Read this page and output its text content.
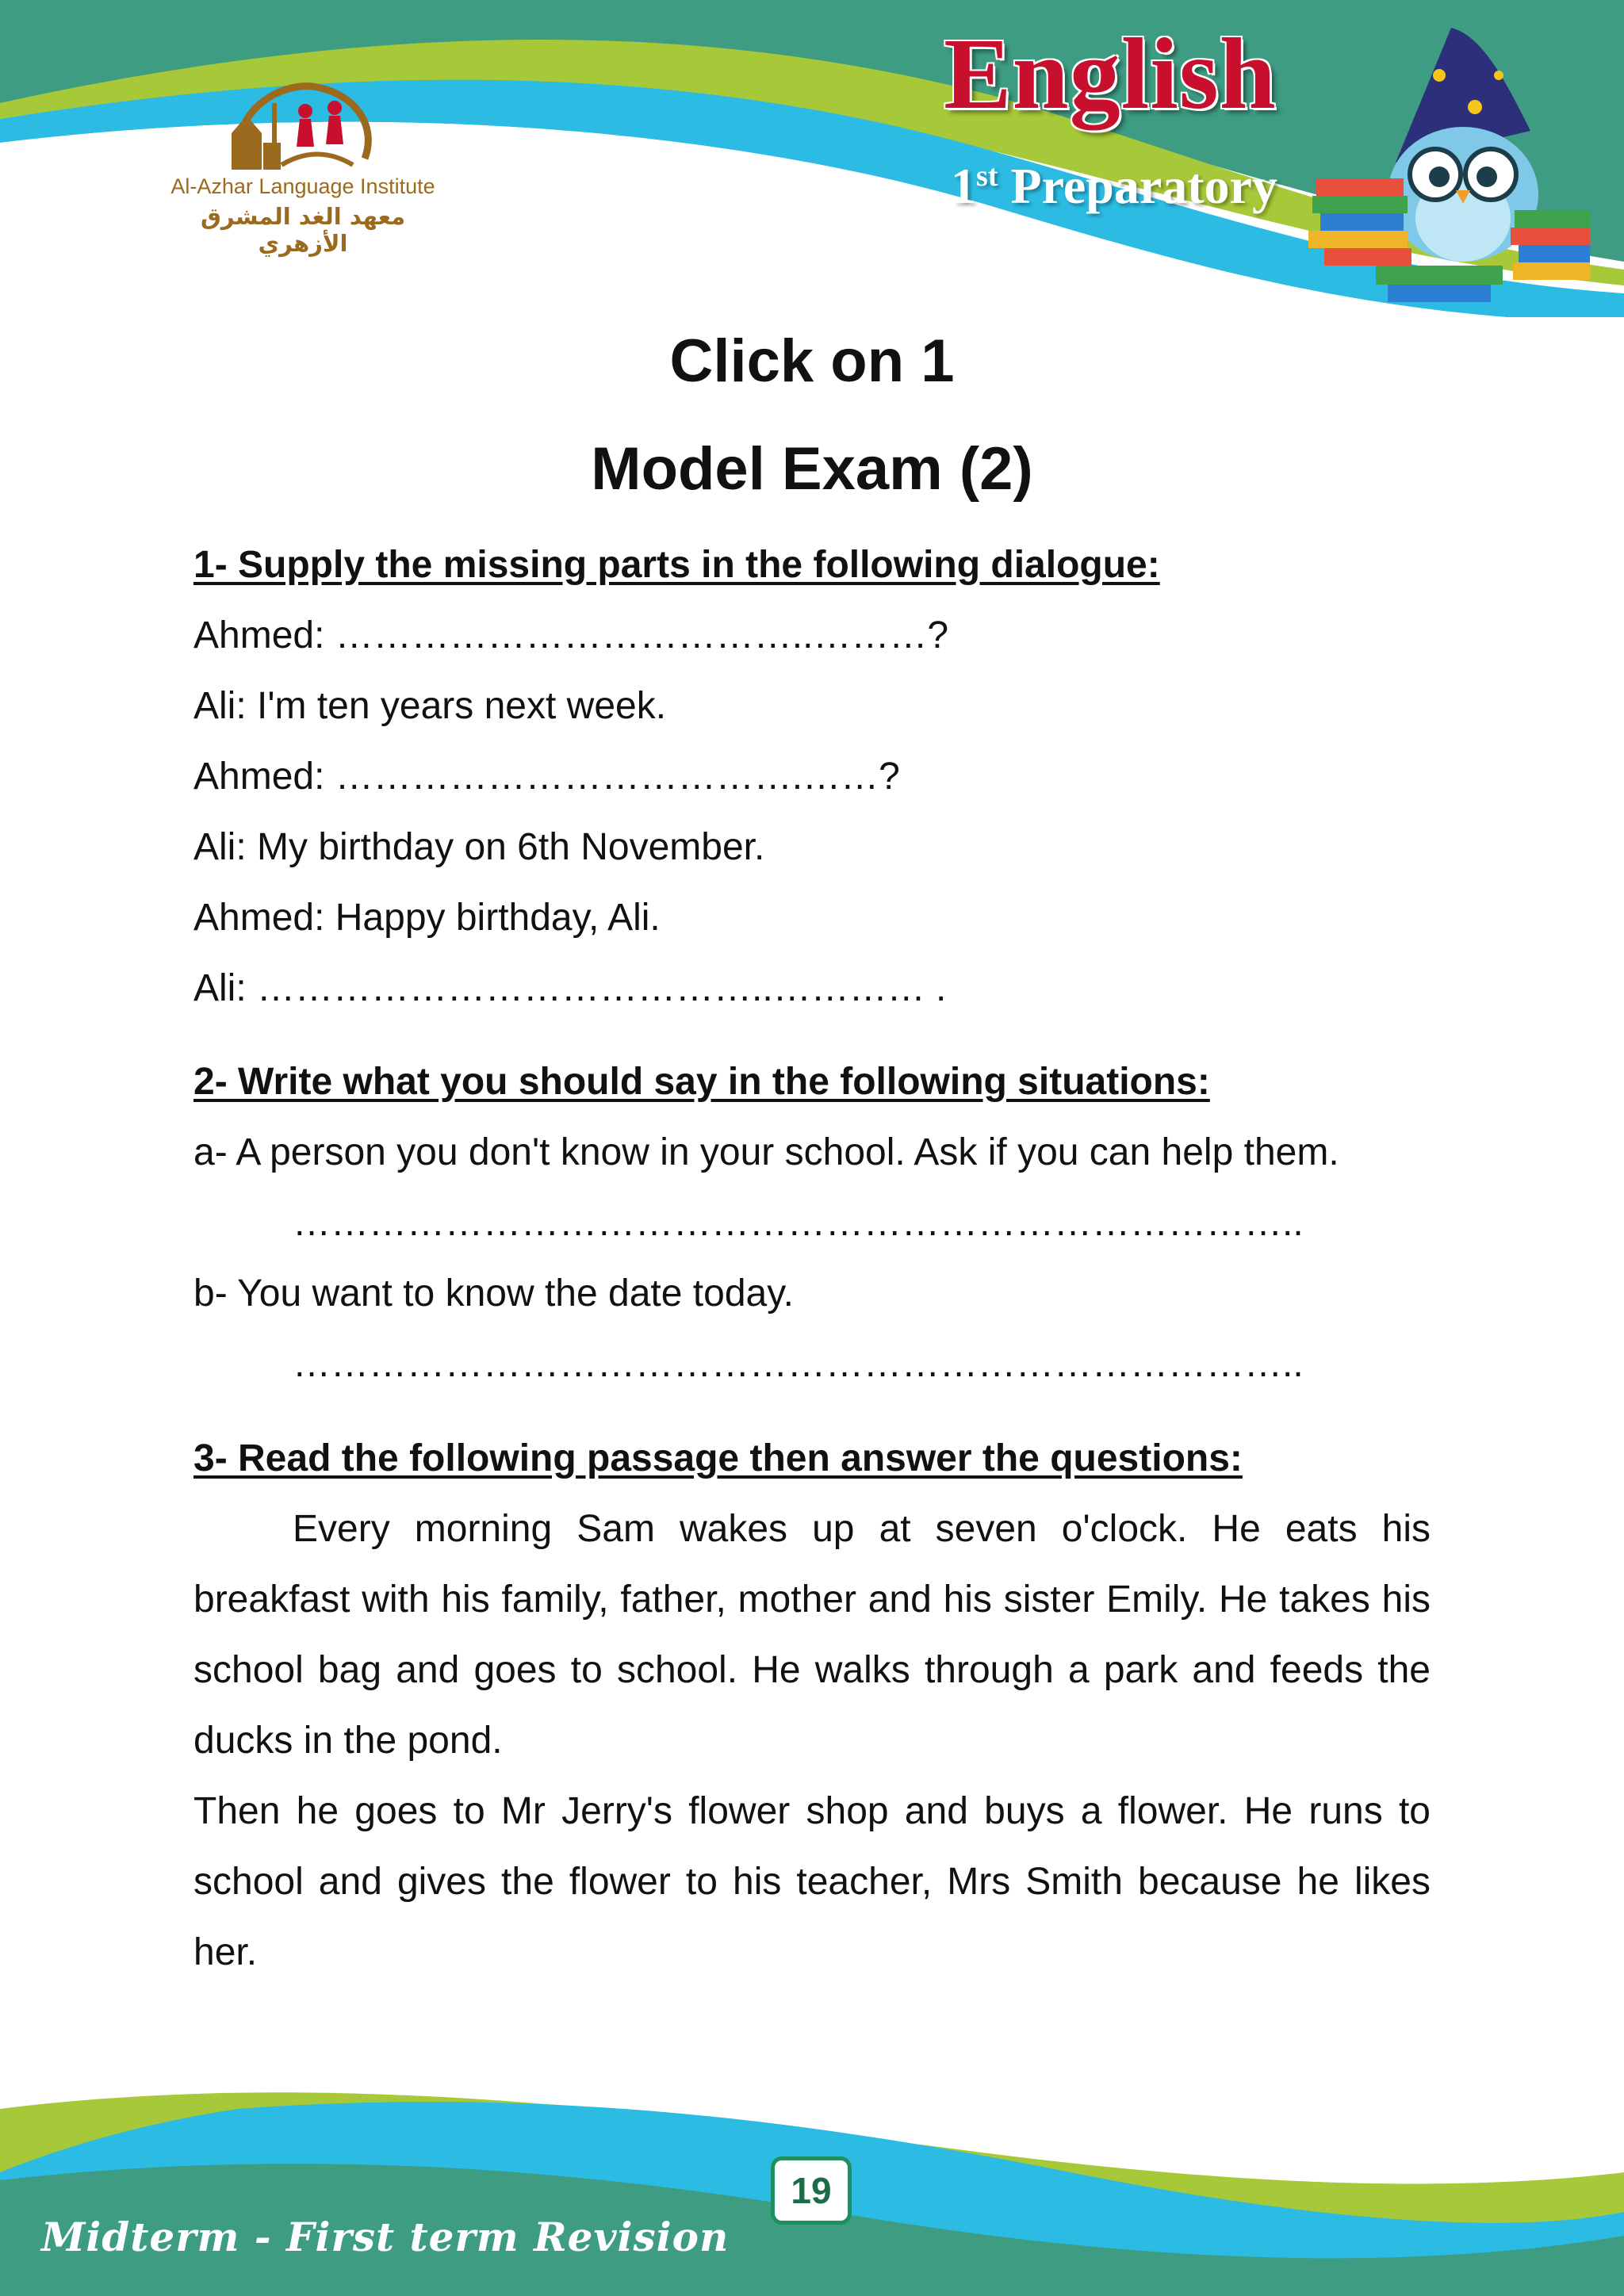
Al-Azhar Language Institute
معهد الغد المشرق الأزهري
English
1st Preparatory
Click on 1
Model Exam (2)

1- Supply the missing parts in the following dialogue:

Ahmed: ………………………………..………?

Ali: I'm ten years next week.

Ahmed: ……………………………….……?

Ali: My birthday on 6th November.

Ahmed: Happy birthday, Ali.

Ali: …………………………………..………… .

2- Write what you should say in the following situations:

a- A person you don't know in your school. Ask if you can help them.

……………………………………………………………………..

b- You want to know the date today.

……………………………………………………………………..

3- Read the following passage then answer the questions:

Every morning Sam wakes up at seven o'clock. He eats his breakfast with his family, father, mother and his sister Emily. He takes his school bag and goes to school. He walks through a park and feeds the ducks in the pond.

Then he goes to Mr Jerry's flower shop and buys a flower. He runs to school and gives the flower to his teacher, Mrs Smith because he likes her.

19
Midterm - First term Revision
